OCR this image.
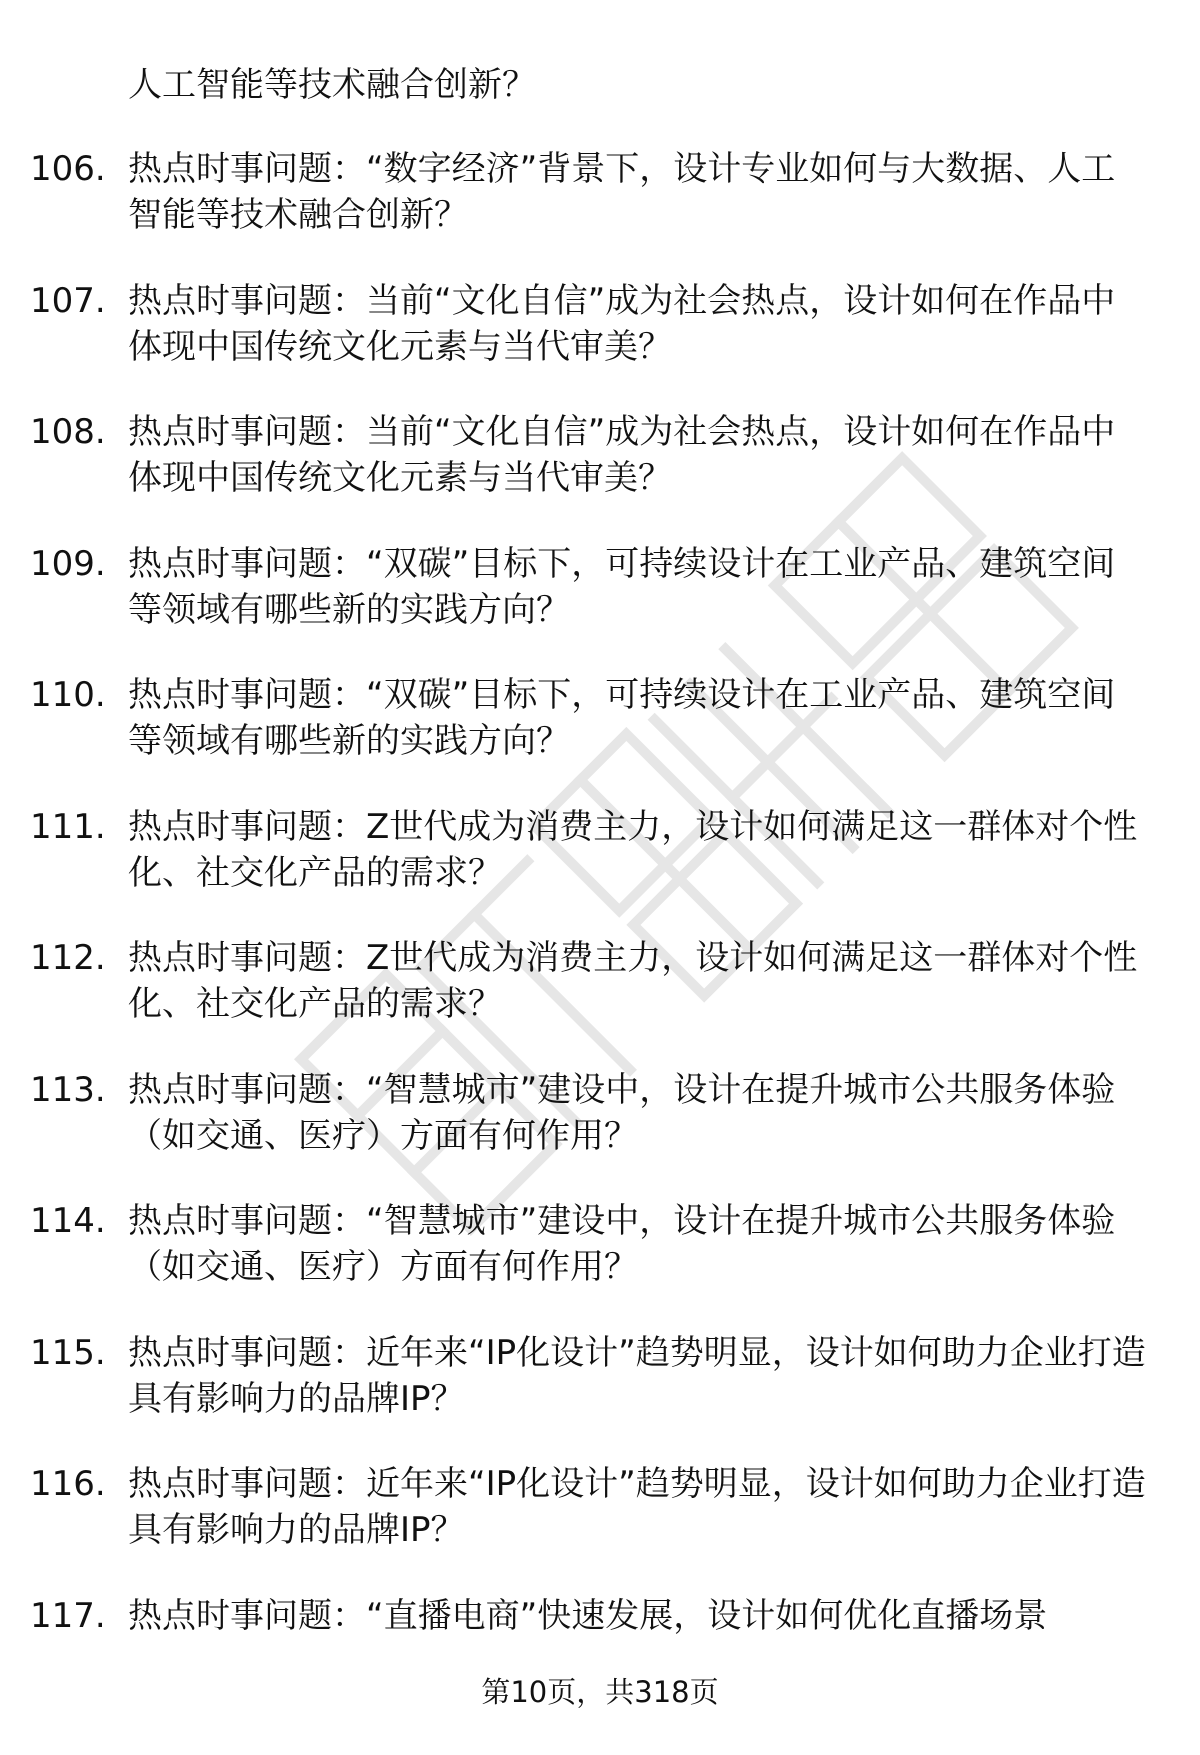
人工智能等技术融合创新？
106. 热点时事问题：“数字经济”背景下，设计专业如何与大数据、人工智能等技术融合创新？
107. 热点时事问题：当前“文化自信”成为社会热点，设计如何在作品中体现中国传统文化元素与当代审美？
108. 热点时事问题：当前“文化自信”成为社会热点，设计如何在作品中体现中国传统文化元素与当代审美？
109. 热点时事问题：“双碳”目标下，可持续设计在工业产品、建筑空间等领域有哪些新的实践方向？
110. 热点时事问题：“双碳”目标下，可持续设计在工业产品、建筑空间等领域有哪些新的实践方向？
111. 热点时事问题：Z世代成为消费主力，设计如何满足这一群体对个性化、社交化产品的需求？
112. 热点时事问题：Z世代成为消费主力，设计如何满足这一群体对个性化、社交化产品的需求？
113. 热点时事问题：“智慧城市”建设中，设计在提升城市公共服务体验（如交通、医疗）方面有何作用？
114. 热点时事问题：“智慧城市”建设中，设计在提升城市公共服务体验（如交通、医疗）方面有何作用？
115. 热点时事问题：近年来“IP化设计”趋势明显，设计如何助力企业打造具有影响力的品牌IP？
116. 热点时事问题：近年来“IP化设计”趋势明显，设计如何助力企业打造具有影响力的品牌IP？
117. 热点时事问题：“直播电商”快速发展，设计如何优化直播场景
第10页，共318页
